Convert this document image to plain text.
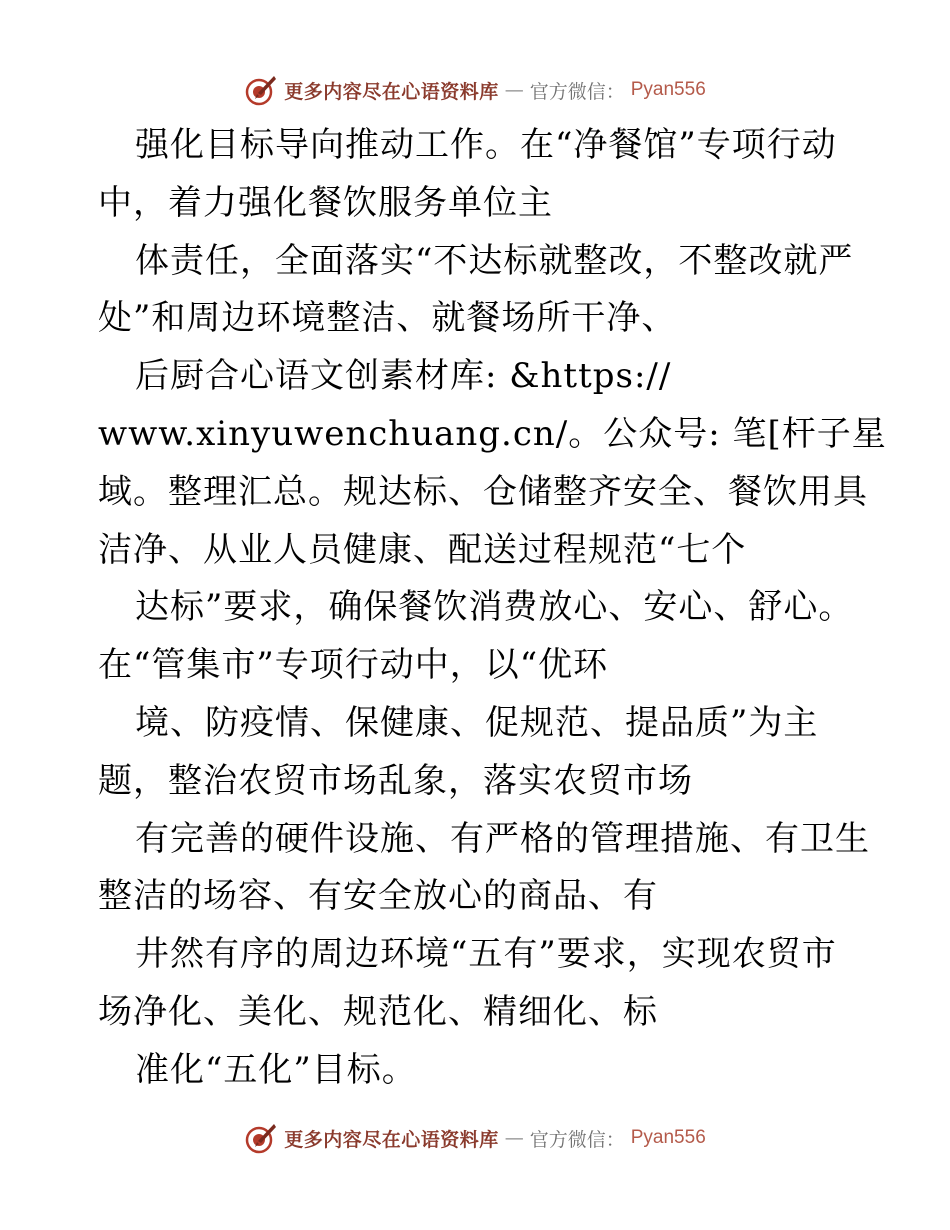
更多内容尽在心语资料库 — 官方微信： Pyan556
强化目标导向推动工作。在“净餐馆”专项行动
中，着力强化餐饮服务单位主
体责任，全面落实“不达标就整改，不整改就严
处”和周边环境整洁、就餐场所干净、
后厨合心语文创素材库: &https://
www.xinyuwenchuang.cn/。公众号: 笔[杆子星
域。整理汇总。规达标、仓储整齐安全、餐饮用具
洁净、从业人员健康、配送过程规范“七个
达标”要求，确保餐饮消费放心、安心、舒心。
在“管集市”专项行动中，以“优环
境、防疫情、保健康、促规范、提品质”为主
题，整治农贸市场乱象，落实农贸市场
有完善的硬件设施、有严格的管理措施、有卫生
整洁的场容、有安全放心的商品、有
井然有序的周边环境“五有”要求，实现农贸市
场净化、美化、规范化、精细化、标
准化“五化”目标。
更多内容尽在心语资料库 — 官方微信： Pyan556
